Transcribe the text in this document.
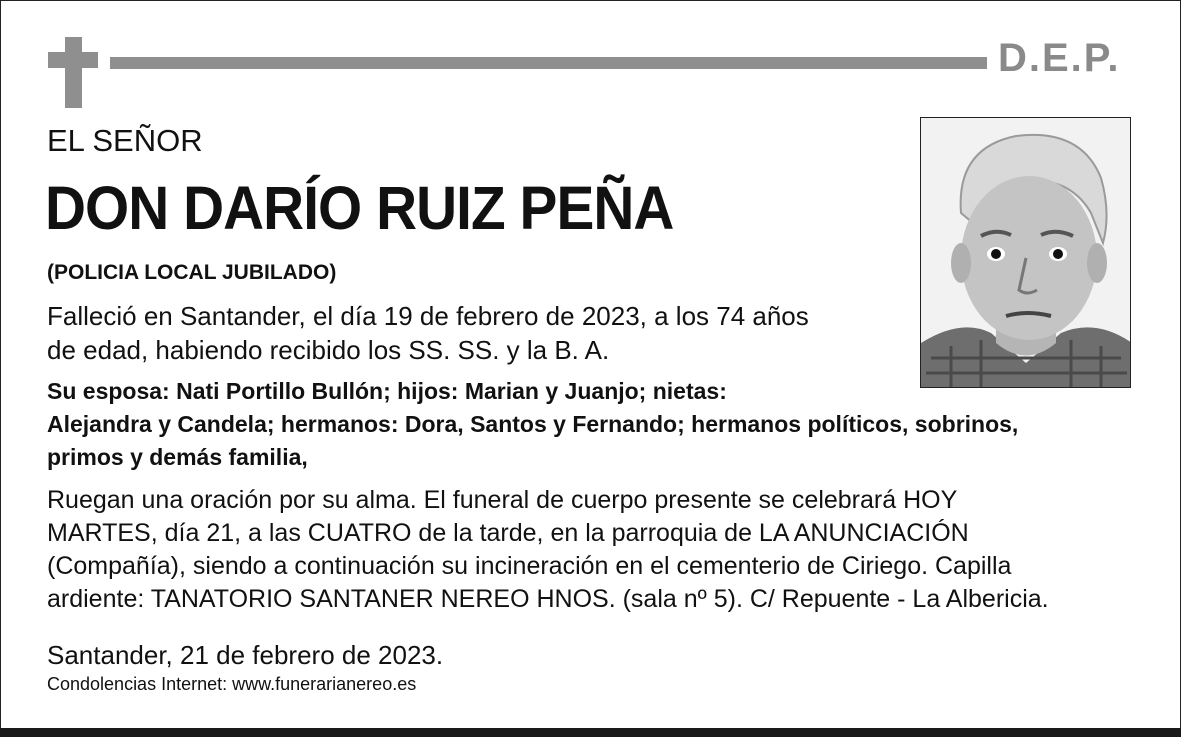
D.E.P.
EL SEÑOR
DON DARÍO RUIZ PEÑA
(POLICIA LOCAL JUBILADO)
Falleció en Santander, el día 19 de febrero de 2023, a los 74 años
de edad, habiendo recibido los SS. SS. y la B. A.
Su esposa: Nati Portillo Bullón; hijos: Marian y Juanjo; nietas:
Alejandra y Candela; hermanos: Dora, Santos y Fernando; hermanos políticos, sobrinos,
primos y demás familia,
Ruegan una oración por su alma. El funeral de cuerpo presente se celebrará HOY
MARTES, día 21, a las CUATRO de la tarde, en la parroquia de LA ANUNCIACIÓN
(Compañía), siendo a continuación su incineración en el cementerio de Ciriego. Capilla
ardiente: TANATORIO SANTANER NEREO HNOS. (sala nº 5). C/ Repuente - La Albericia.
Santander, 21 de febrero de 2023.
Condolencias Internet: www.funerarianereo.es
